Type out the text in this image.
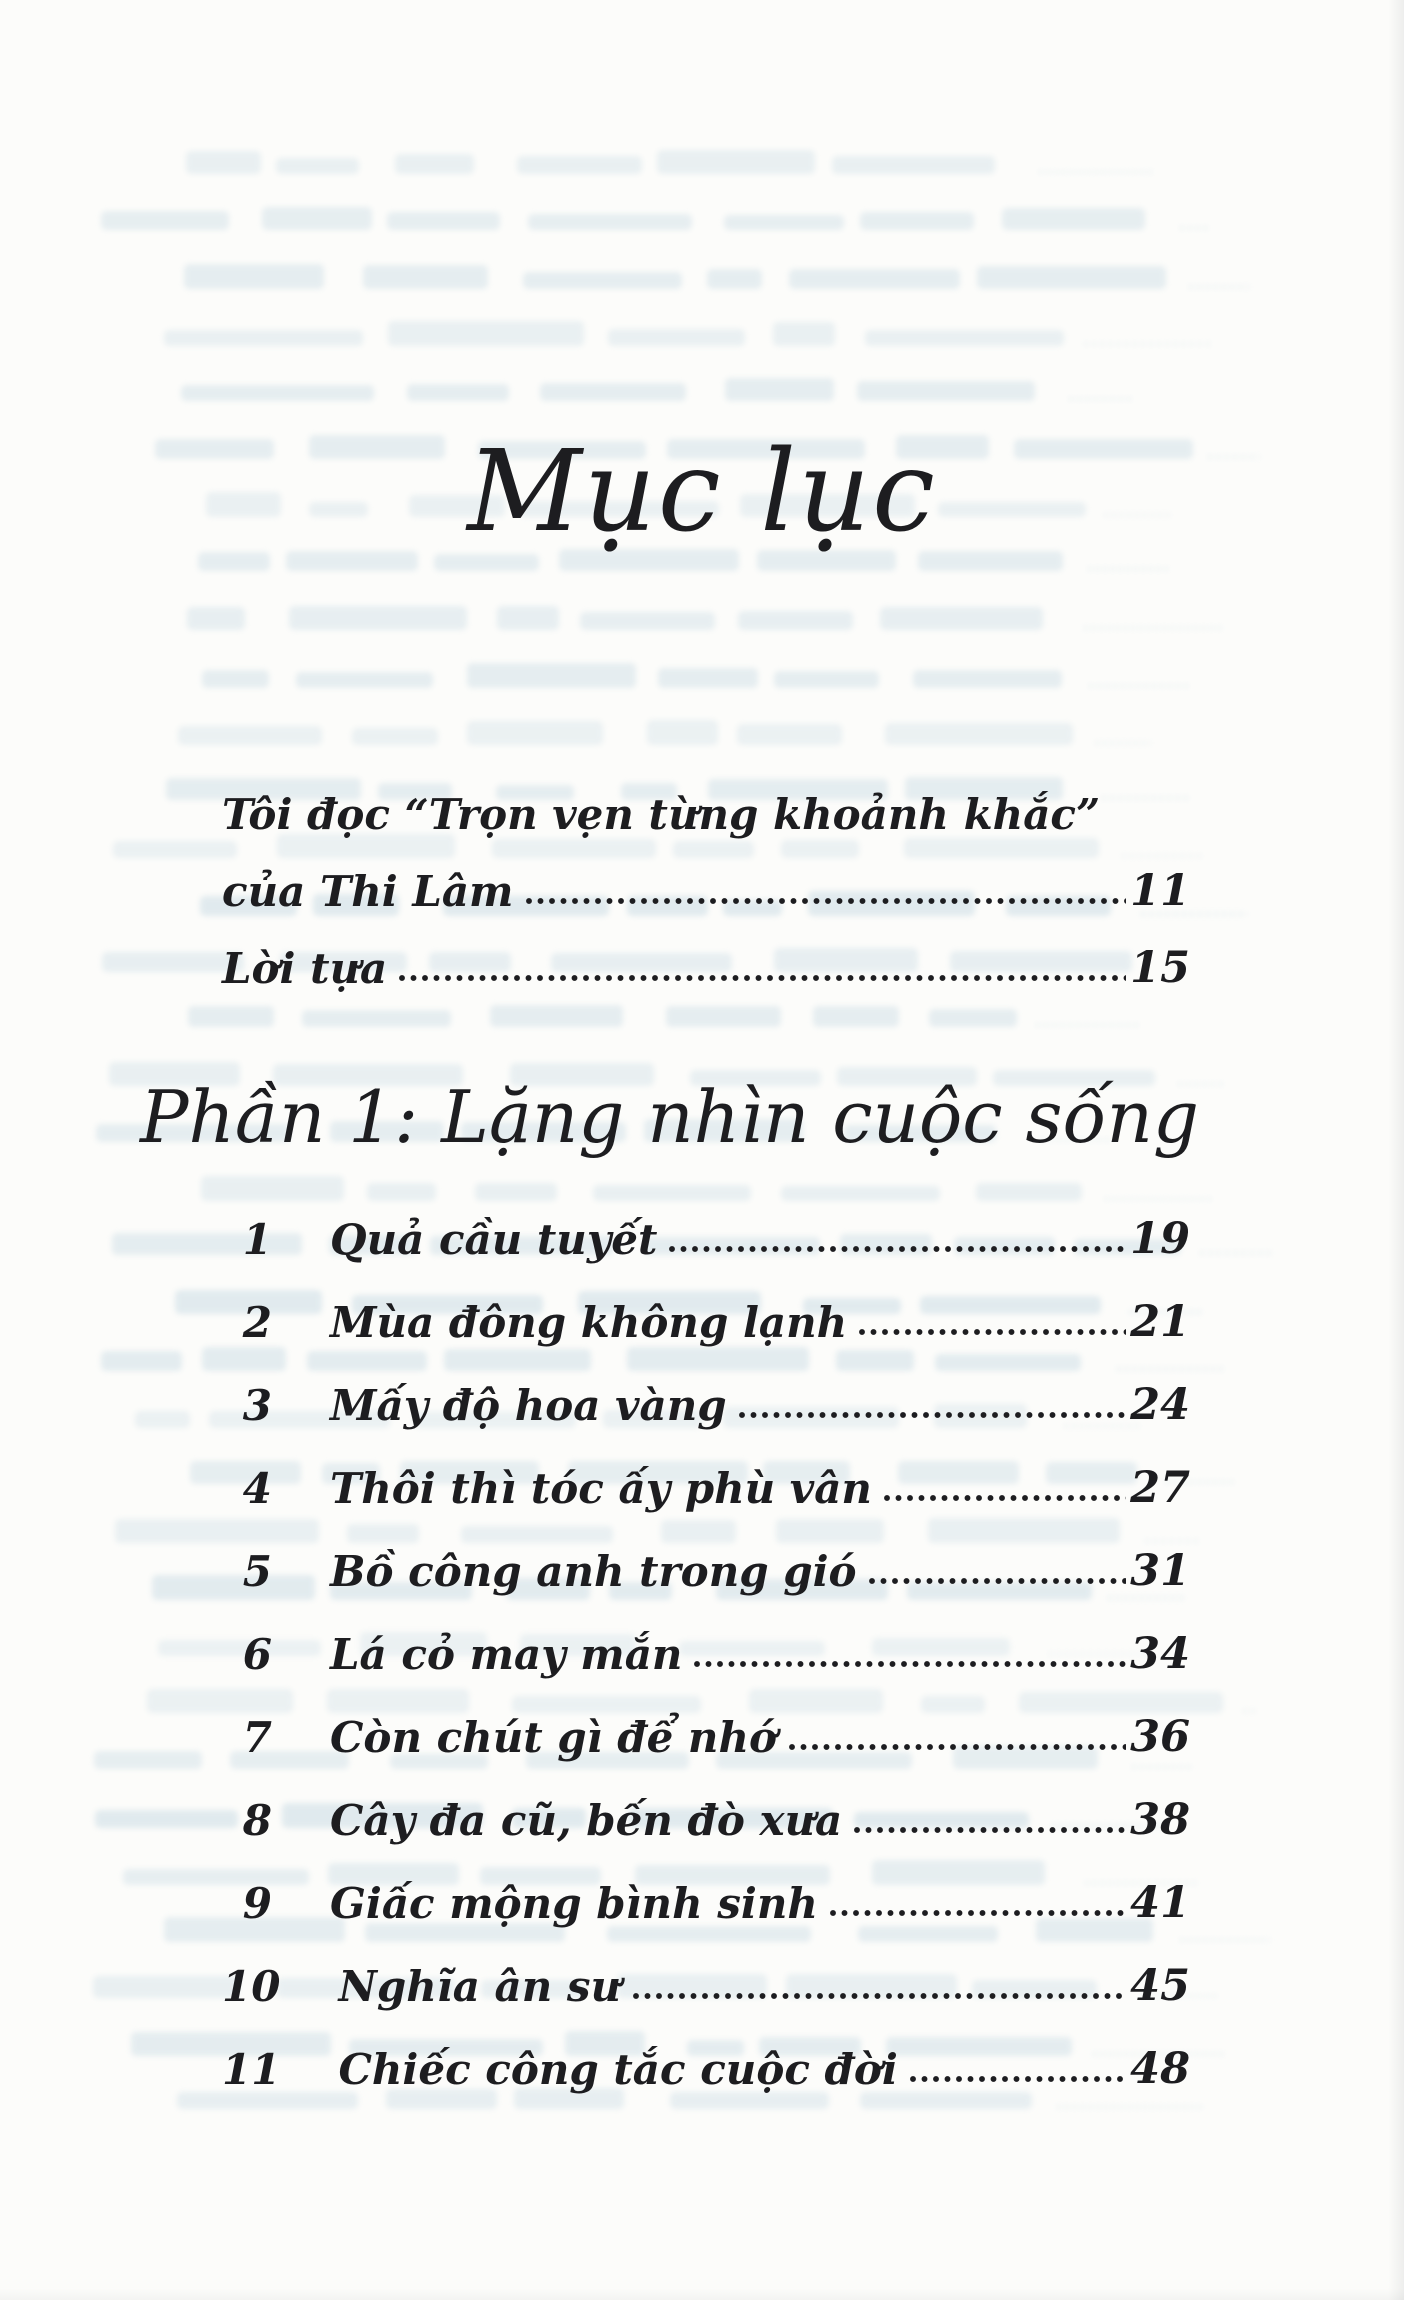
Mục lục
Tôi đọc “Trọn vẹn từng khoảnh khắc”
của Thi Lâm	11
Lời tựa	15
Phần 1: Lặng nhìn cuộc sống
1 Quả cầu tuyết	19
2 Mùa đông không lạnh	21
3 Mấy độ hoa vàng	24
4 Thôi thì tóc ấy phù vân	27
5 Bồ công anh trong gió	31
6 Lá cỏ may mắn	34
7 Còn chút gì để nhớ	36
8 Cây đa cũ, bến đò xưa	38
9 Giấc mộng bình sinh	41
10 Nghĩa ân sư	45
11 Chiếc công tắc cuộc đời	48
